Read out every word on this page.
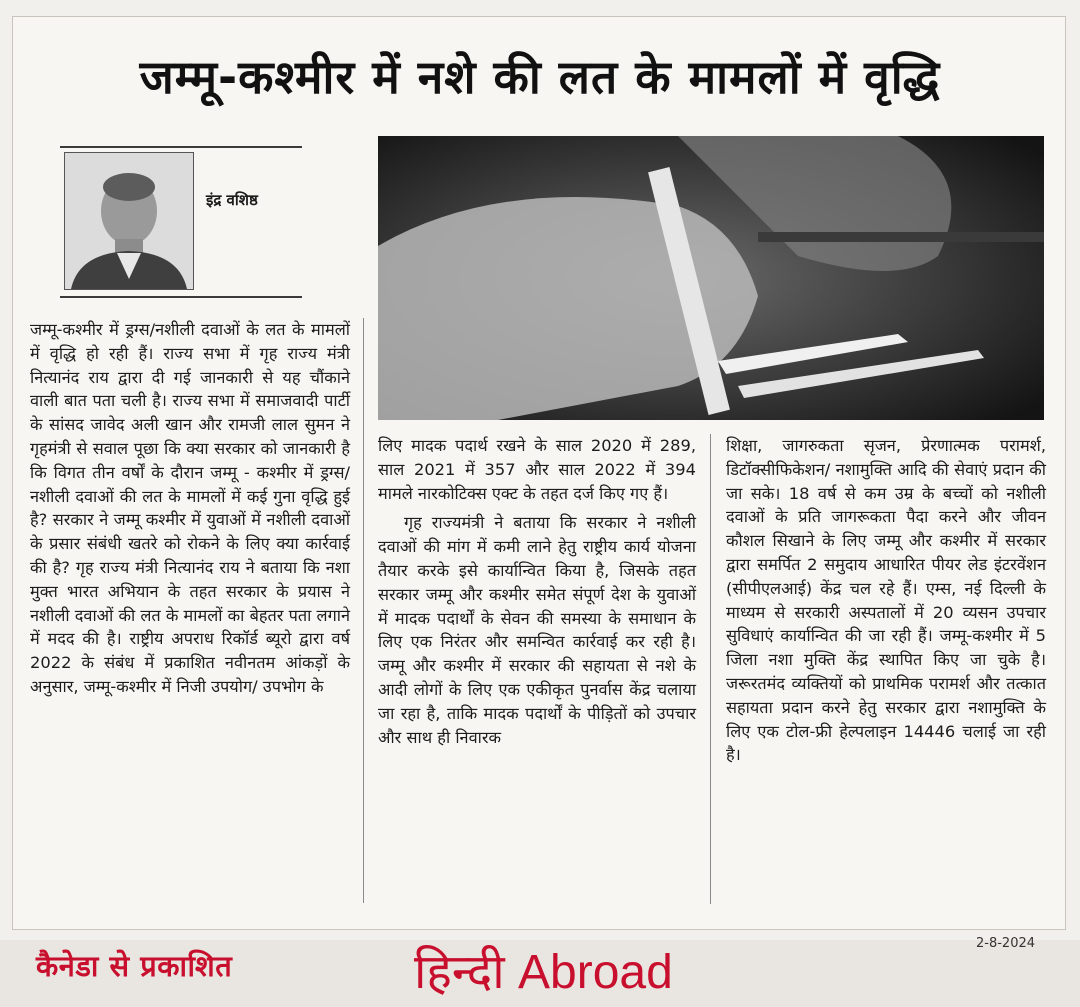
जम्मू-कश्मीर में नशे की लत के मामलों में वृद्धि
इंद्र वशिष्ठ

जम्मू-कश्मीर में ड्रग्स/नशीली दवाओं के लत के मामलों में वृद्धि हो रही हैं। राज्य सभा में गृह राज्य मंत्री नित्यानंद राय द्वारा दी गई जानकारी से यह चौंकाने वाली बात पता चली है। राज्य सभा में समाजवादी पार्टी के सांसद जावेद अली खान और रामजी लाल सुमन ने गृहमंत्री से सवाल पूछा कि क्या सरकार को जानकारी है कि विगत तीन वर्षों के दौरान जम्मू - कश्मीर में ड्रग्स/ नशीली दवाओं की लत के मामलों में कई गुना वृद्धि हुई है? सरकार ने जम्मू कश्मीर में युवाओं में नशीली दवाओं के प्रसार संबंधी खतरे को रोकने के लिए क्या कार्रवाई की है? गृह राज्य मंत्री नित्यानंद राय ने बताया कि नशा मुक्त भारत अभियान के तहत सरकार के प्रयास ने नशीली दवाओं की लत के मामलों का बेहतर पता लगाने में मदद की है। राष्ट्रीय अपराध रिकॉर्ड ब्यूरो द्वारा वर्ष 2022 के संबंध में प्रकाशित नवीनतम आंकड़ों के अनुसार, जम्मू-कश्मीर में निजी उपयोग/ उपभोग के

लिए मादक पदार्थ रखने के साल 2020 में 289, साल 2021 में 357 और साल 2022 में 394 मामले नारकोटिक्स एक्ट के तहत दर्ज किए गए हैं।

गृह राज्यमंत्री ने बताया कि सरकार ने नशीली दवाओं की मांग में कमी लाने हेतु राष्ट्रीय कार्य योजना तैयार करके इसे कार्यान्वित किया है, जिसके तहत सरकार जम्मू और कश्मीर समेत संपूर्ण देश के युवाओं में मादक पदार्थों के सेवन की समस्या के समाधान के लिए एक निरंतर और समन्वित कार्रवाई कर रही है। जम्मू और कश्मीर में सरकार की सहायता से नशे के आदी लोगों के लिए एक एकीकृत पुनर्वास केंद्र चलाया जा रहा है, ताकि मादक पदार्थों के पीड़ितों को उपचार और साथ ही निवारक

शिक्षा, जागरुकता सृजन, प्रेरणात्मक परामर्श, डिटॉक्सीफिकेशन/ नशामुक्ति आदि की सेवाएं प्रदान की जा सके। 18 वर्ष से कम उम्र के बच्चों को नशीली दवाओं के प्रति जागरूकता पैदा करने और जीवन कौशल सिखाने के लिए जम्मू और कश्मीर में सरकार द्वारा समर्पित 2 समुदाय आधारित पीयर लेड इंटरवेंशन (सीपीएलआई) केंद्र चल रहे हैं। एम्स, नई दिल्ली के माध्यम से सरकारी अस्पतालों में 20 व्यसन उपचार सुविधाएं कार्यान्वित की जा रही हैं। जम्मू-कश्मीर में 5 जिला नशा मुक्ति केंद्र स्थापित किए जा चुके है। जरूरतमंद व्यक्तियों को प्राथमिक परामर्श और तत्कात सहायता प्रदान करने हेतु सरकार द्वारा नशामुक्ति के लिए एक टोल-फ्री हेल्पलाइन 14446 चलाई जा रही है।

कैनेडा से प्रकाशित	हिन्दी Abroad
2-8-2024
